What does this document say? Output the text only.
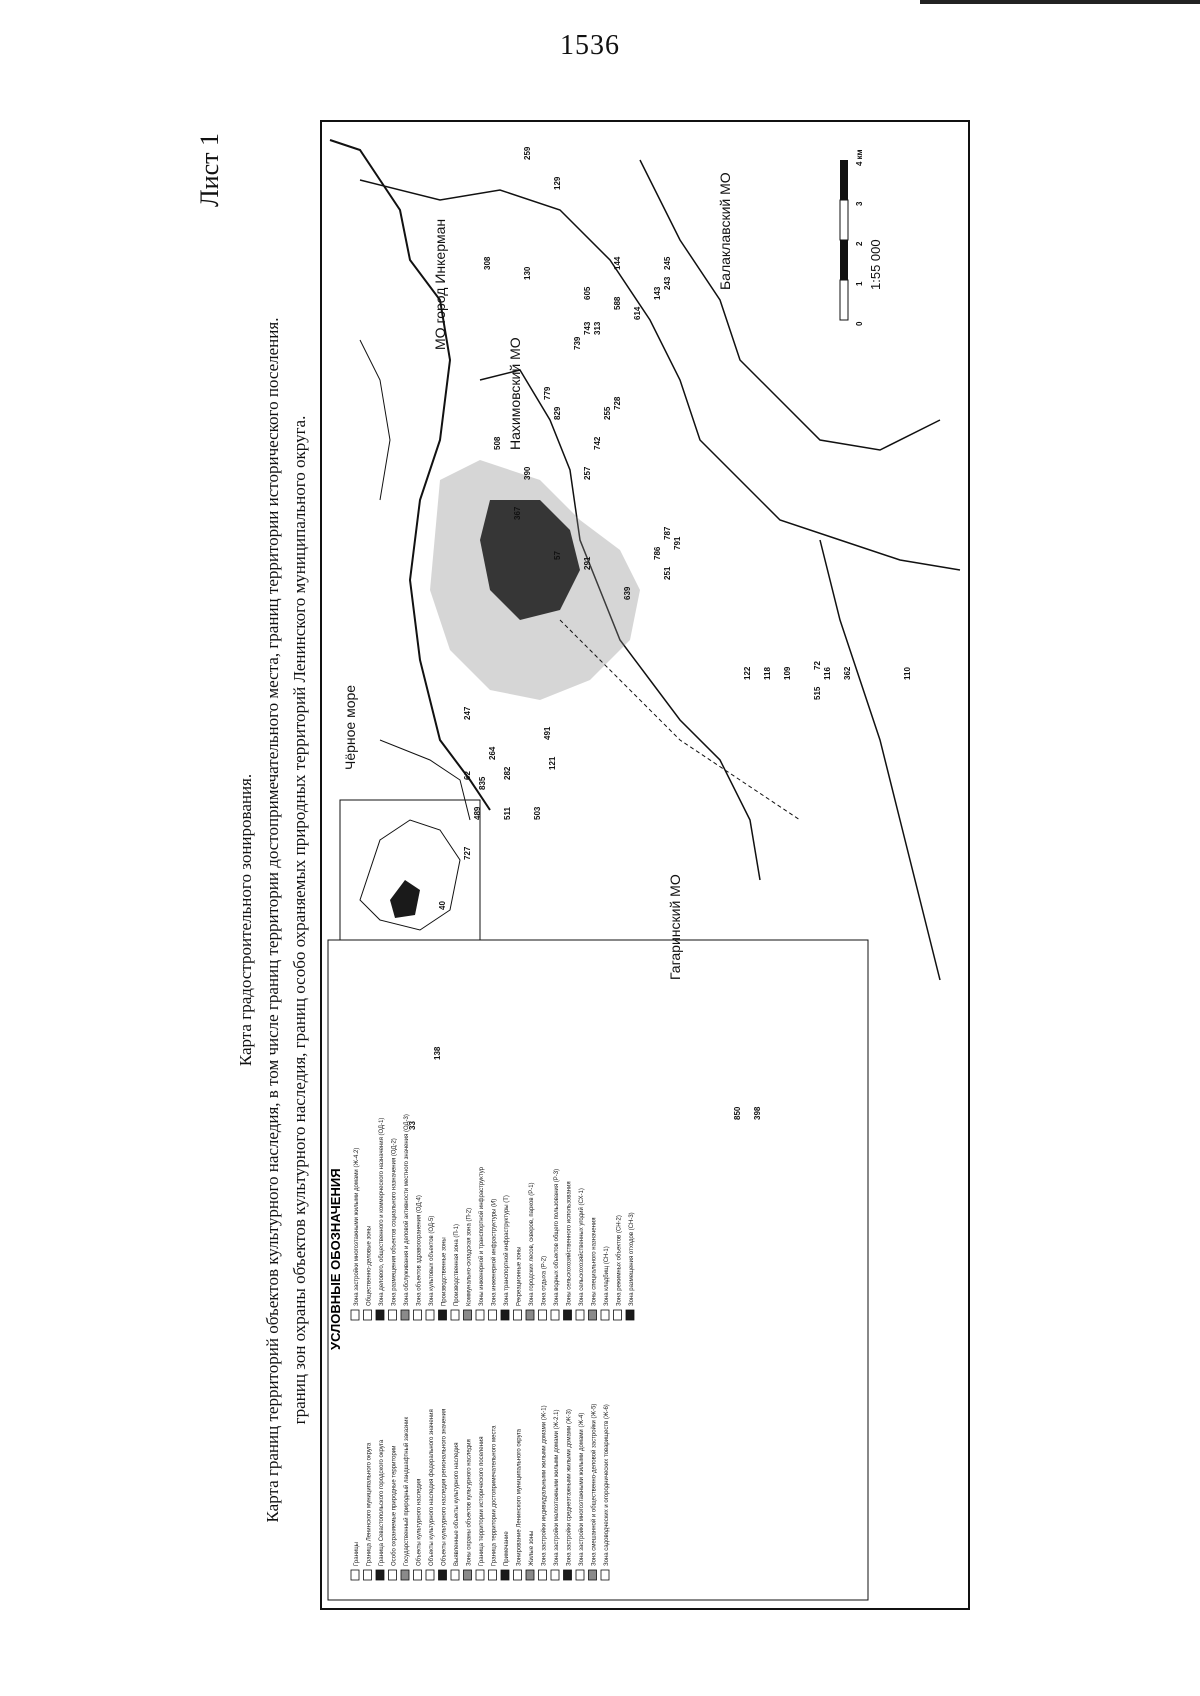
1536
Лист 1
Карта градостроительного зонирования. Карта границ территорий объектов культурного наследия, в том числе границ территории достопримечательного места, границ территории исторического поселения. границ зон охраны объектов культурного наследия, границ особо охраняемых природных территорий Ленинского муниципального округа. УСЛОВНЫЕ ОБОЗНАЧЕНИЯ
Границы Граница Ленинского муниципального округа Граница Севастопольского городского округа Особо охраняемые природные территории Государственный природный ландшафтный заказник Объекты культурного наследия Объекты культурного наследия федерального значения Объекты культурного наследия регионального значения Выявленные объекты культурного наследия Зоны охраны объектов культурного наследия Граница территории исторического поселения Граница территории достопримечательного места Примечание Зонирование Ленинского муниципального округа Жилые зоны Зона застройки индивидуальными жилыми домами (Ж-1) Зона застройки малоэтажными жилыми домами (Ж-2.1) Зона застройки среднеэтажными жилыми домами (Ж-3) Зона застройки многоэтажными жилыми домами (Ж-4) Зона смешанной и общественно-деловой застройки (Ж-5) Зона садоводческих и огороднических товариществ (Ж-6)
Зона застройки многоэтажными жилыми домами (Ж-4.2) Общественно-деловые зоны Зона делового, общественного и коммерческого назначения (ОД-1) Зона размещения объектов социального назначения (ОД-2) Зона обслуживания и деловой активности местного значения (ОД-3) Зона объектов здравоохранения (ОД-4) Зона культовых объектов (ОД-5) Производственные зоны Производственная зона (П-1) Коммунально-складская зона (П-2) Зоны инженерной и транспортной инфраструктур Зона инженерной инфраструктуры (И) Зона транспортной инфраструктуры (Т) Рекреационные зоны Зона городских лесов, скверов, парков (Р-1) Зона отдыха (Р-2) Зона водных объектов общего пользования (Р-3) Зоны сельскохозяйственного использования Зона сельскохозяйственных угодий (СХ-1) Зоны специального назначения Зона кладбищ (СН-1) Зона режимных объектов (СН-2) Зона размещения отходов (СН-3)
Чёрное море
Нахимовский МО
Гагаринский МО
МО город Инкерман	Балаклавский МО
33
138
40
727
511	503
121
491
282
264
489
835
62
850 398
247
639
291
251
791
786
787
57
367
390
508
257
742
255
728
829
779
739
743 313
605
588
614
143
144	245
243
122 118 109
515
72
116 362	110
308
130
129
259
0
1
2
3
4 км
1:55 000
